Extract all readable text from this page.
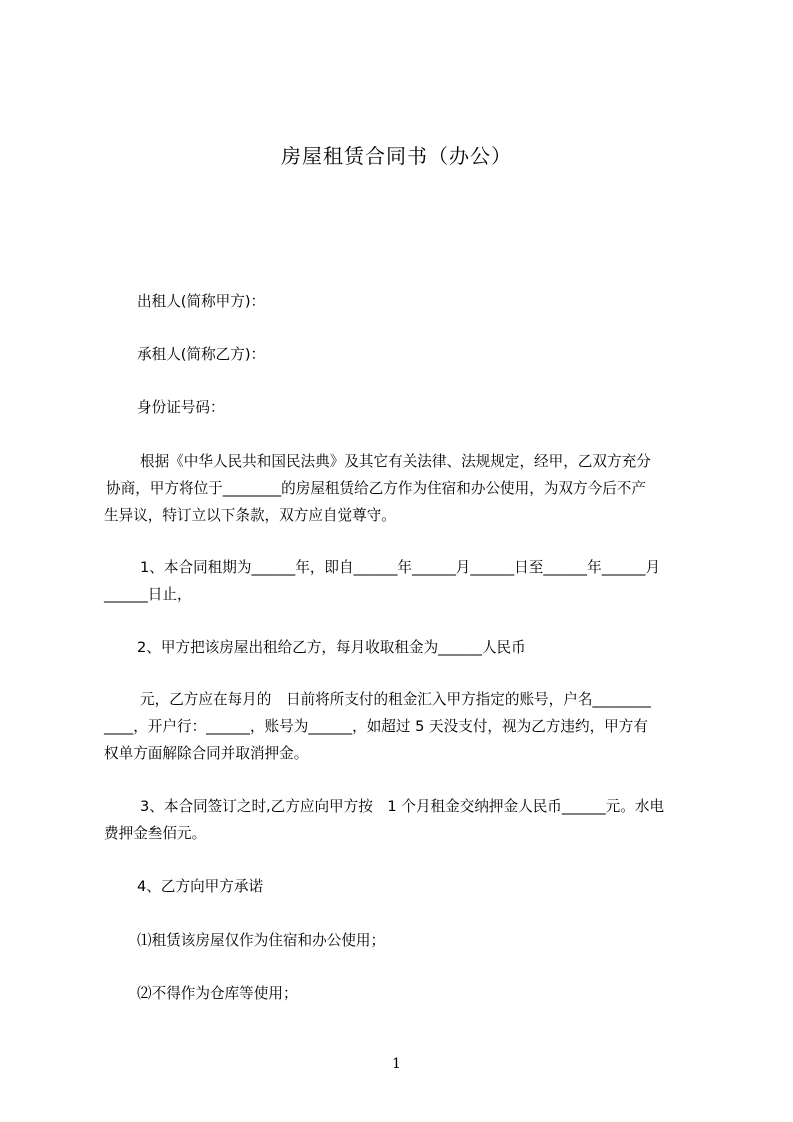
房屋租赁合同书（办公）
出租人(简称甲方)：
承租人(简称乙方)：
身份证号码：
根据《中华人民共和国民法典》及其它有关法律、法规规定，经甲，乙双方充分
协商，甲方将位于________的房屋租赁给乙方作为住宿和办公使用，为双方今后不产
生异议，特订立以下条款，双方应自觉尊守。
1、本合同租期为______年，即自______年______月______日至______年______月
______日止，
2、甲方把该房屋出租给乙方，每月收取租金为______人民币
元，乙方应在每月的　日前将所支付的租金汇入甲方指定的账号，户名________
____，开户行：______，账号为______，如超过 5 天没支付，视为乙方违约，甲方有
权单方面解除合同并取消押金。
3、本合同签订之时,乙方应向甲方按　1 个月租金交纳押金人民币______元。水电
费押金叁佰元。
4、乙方向甲方承诺
⑴租赁该房屋仅作为住宿和办公使用；
⑵不得作为仓库等使用；
1
